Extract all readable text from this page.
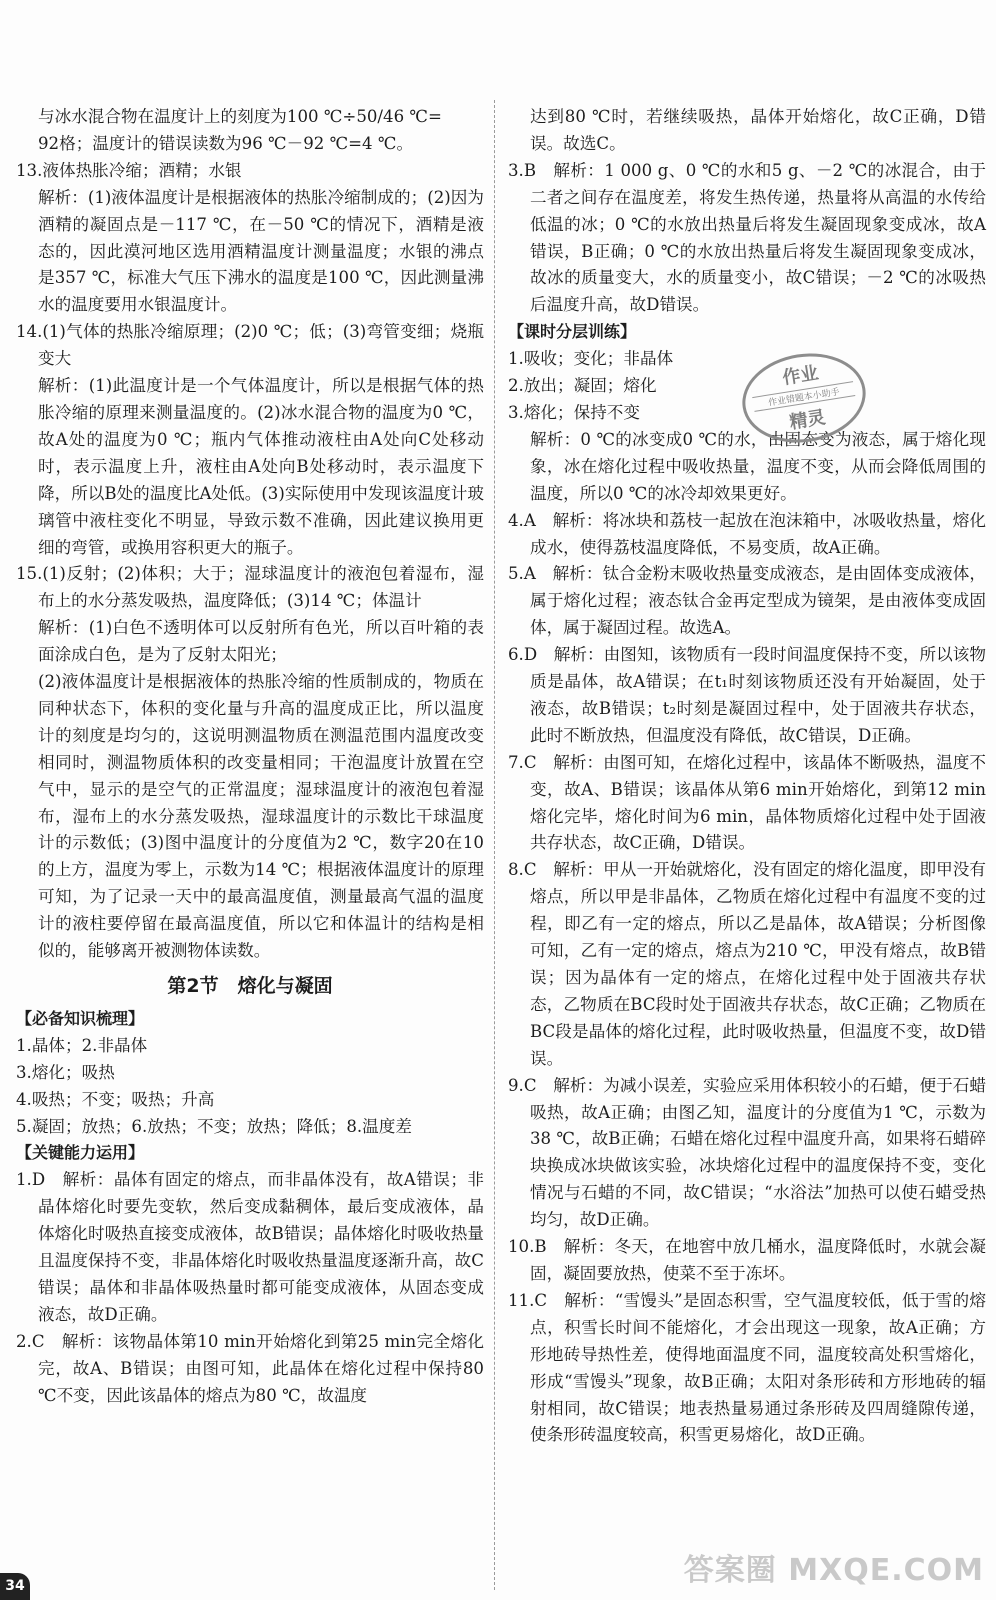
与冰水混合物在温度计上的刻度为100 ℃÷50/46 ℃=

92格；温度计的错误读数为96 ℃－92 ℃=4 ℃。

13.液体热胀冷缩；酒精；水银

解析：(1)液体温度计是根据液体的热胀冷缩制成的；(2)因为酒精的凝固点是－117 ℃，在－50 ℃的情况下，酒精是液态的，因此漠河地区选用酒精温度计测量温度；水银的沸点是357 ℃，标准大气压下沸水的温度是100 ℃，因此测量沸水的温度要用水银温度计。

14.(1)气体的热胀冷缩原理；(2)0 ℃；低；(3)弯管变细；烧瓶变大

解析：(1)此温度计是一个气体温度计，所以是根据气体的热胀冷缩的原理来测量温度的。(2)冰水混合物的温度为0 ℃，故A处的温度为0 ℃；瓶内气体推动液柱由A处向C处移动时，表示温度上升，液柱由A处向B处移动时，表示温度下降，所以B处的温度比A处低。(3)实际使用中发现该温度计玻璃管中液柱变化不明显，导致示数不准确，因此建议换用更细的弯管，或换用容积更大的瓶子。

15.(1)反射；(2)体积；大于；湿球温度计的液泡包着湿布，湿布上的水分蒸发吸热，温度降低；(3)14 ℃；体温计

解析：(1)白色不透明体可以反射所有色光，所以百叶箱的表面涂成白色，是为了反射太阳光；

(2)液体温度计是根据液体的热胀冷缩的性质制成的，物质在同种状态下，体积的变化量与升高的温度成正比，所以温度计的刻度是均匀的，这说明测温物质在测温范围内温度改变相同时，测温物质体积的改变量相同；干泡温度计放置在空气中，显示的是空气的正常温度；湿球温度计的液泡包着湿布，湿布上的水分蒸发吸热，湿球温度计的示数比干球温度计的示数低；(3)图中温度计的分度值为2 ℃，数字20在10的上方，温度为零上，示数为14 ℃；根据液体温度计的原理可知，为了记录一天中的最高温度值，测量最高气温的温度计的液柱要停留在最高温度值，所以它和体温计的结构是相似的，能够离开被测物体读数。

第2节　熔化与凝固

【必备知识梳理】

1.晶体；2.非晶体

3.熔化；吸热

4.吸热；不变；吸热；升高

5.凝固；放热；6.放热；不变；放热；降低；8.温度差

【关键能力运用】

1.D　解析：晶体有固定的熔点，而非晶体没有，故A错误；非晶体熔化时要先变软，然后变成黏稠体，最后变成液体，晶体熔化时吸热直接变成液体，故B错误；晶体熔化时吸收热量且温度保持不变，非晶体熔化时吸收热量温度逐渐升高，故C错误；晶体和非晶体吸热量时都可能变成液体，从固态变成液态，故D正确。

2.C　解析：该物晶体第10 min开始熔化到第25 min完全熔化完，故A、B错误；由图可知，此晶体在熔化过程中保持80 ℃不变，因此该晶体的熔点为80 ℃，故温度

达到80 ℃时，若继续吸热，晶体开始熔化，故C正确，D错误。故选C。

3.B　解析：1 000 g、0 ℃的水和5 g、－2 ℃的冰混合，由于二者之间存在温度差，将发生热传递，热量将从高温的水传给低温的冰；0 ℃的水放出热量后将发生凝固现象变成冰，故A错误，B正确；0 ℃的水放出热量后将发生凝固现象变成冰，故冰的质量变大，水的质量变小，故C错误；－2 ℃的冰吸热后温度升高，故D错误。

【课时分层训练】

1.吸收；变化；非晶体

2.放出；凝固；熔化

3.熔化；保持不变

解析：0 ℃的冰变成0 ℃的水，由固态变为液态，属于熔化现象，冰在熔化过程中吸收热量，温度不变，从而会降低周围的温度，所以0 ℃的冰冷却效果更好。

4.A　解析：将冰块和荔枝一起放在泡沫箱中，冰吸收热量，熔化成水，使得荔枝温度降低，不易变质，故A正确。

5.A　解析：钛合金粉末吸收热量变成液态，是由固体变成液体，属于熔化过程；液态钛合金再定型成为镜架，是由液体变成固体，属于凝固过程。故选A。

6.D　解析：由图知，该物质有一段时间温度保持不变，所以该物质是晶体，故A错误；在t₁时刻该物质还没有开始凝固，处于液态，故B错误；t₂时刻是凝固过程中，处于固液共存状态，此时不断放热，但温度没有降低，故C错误，D正确。

7.C　解析：由图可知，在熔化过程中，该晶体不断吸热，温度不变，故A、B错误；该晶体从第6 min开始熔化，到第12 min熔化完毕，熔化时间为6 min，晶体物质熔化过程中处于固液共存状态，故C正确，D错误。

8.C　解析：甲从一开始就熔化，没有固定的熔化温度，即甲没有熔点，所以甲是非晶体，乙物质在熔化过程中有温度不变的过程，即乙有一定的熔点，所以乙是晶体，故A错误；分析图像可知，乙有一定的熔点，熔点为210 ℃，甲没有熔点，故B错误；因为晶体有一定的熔点，在熔化过程中处于固液共存状态，乙物质在BC段时处于固液共存状态，故C正确；乙物质在BC段是晶体的熔化过程，此时吸收热量，但温度不变，故D错误。

9.C　解析：为减小误差，实验应采用体积较小的石蜡，便于石蜡吸热，故A正确；由图乙知，温度计的分度值为1 ℃，示数为38 ℃，故B正确；石蜡在熔化过程中温度升高，如果将石蜡碎块换成冰块做该实验，冰块熔化过程中的温度保持不变，变化情况与石蜡的不同，故C错误；“水浴法”加热可以使石蜡受热均匀，故D正确。

10.B　解析：冬天，在地窖中放几桶水，温度降低时，水就会凝固，凝固要放热，使菜不至于冻坏。

11.C　解析：“雪馒头”是固态积雪，空气温度较低，低于雪的熔点，积雪长时间不能熔化，才会出现这一现象，故A正确；方形地砖导热性差，使得地面温度不同，温度较高处积雪熔化，形成“雪馒头”现象，故B正确；太阳对条形砖和方形地砖的辐射相同，故C错误；地表热量易通过条形砖及四周缝隙传递，使条形砖温度较高，积雪更易熔化，故D正确。

作业
作业错题本小助手
精灵
34	答案圈 MXQE.COM
